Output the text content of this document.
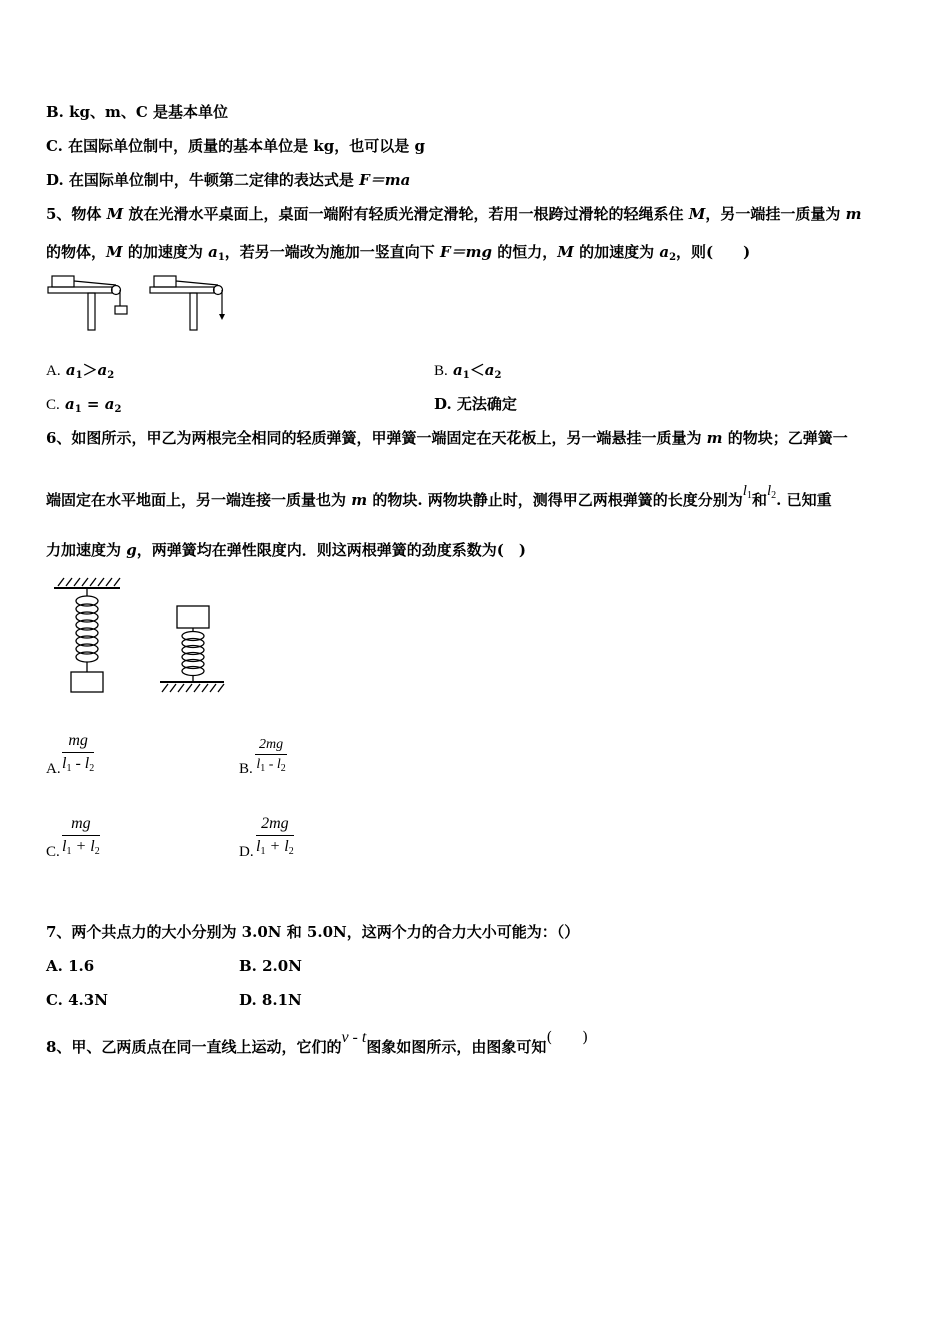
B. kg、m、C 是基本单位
C. 在国际单位制中，质量的基本单位是 kg，也可以是 g
D. 在国际单位制中，牛顿第二定律的表达式是 F＝ma
5、物体 M 放在光滑水平桌面上，桌面一端附有轻质光滑定滑轮，若用一根跨过滑轮的轻绳系住 M，另一端挂一质量为 m
的物体，M 的加速度为 $a_1$，若另一端改为施加一竖直向下 F＝mg 的恒力，M 的加速度为 $a_2$，则(　　)
A. $a_1>a_2$	B. $a_1<a_2$
C. $a_1 = a_2$	D. 无法确定
6、如图所示，甲乙为两根完全相同的轻质弹簧，甲弹簧一端固定在天花板上，另一端悬挂一质量为 m 的物块；乙弹簧一
端固定在水平地面上，另一端连接一质量也为 m 的物块. 两物块静止时，测得甲乙两根弹簧的长度分别为$l_1$和$l_2$. 已知重
力加速度为 g，两弹簧均在弹性限度内．则这两根弹簧的劲度系数为(　)
A. $\frac{mg}{l_1 - l_2}$	B. $\frac{2mg}{l_1 - l_2}$
C. $\frac{mg}{l_1 + l_2}$	D. $\frac{2mg}{l_1 + l_2}$
7、两个共点力的大小分别为 3.0N 和 5.0N，这两个力的合力大小可能为：（）
A. 1.6	B. 2.0N
C. 4.3N	D. 8.1N
8、甲、乙两质点在同一直线上运动，它们的v - t图象如图所示，由图象可知(　　)
